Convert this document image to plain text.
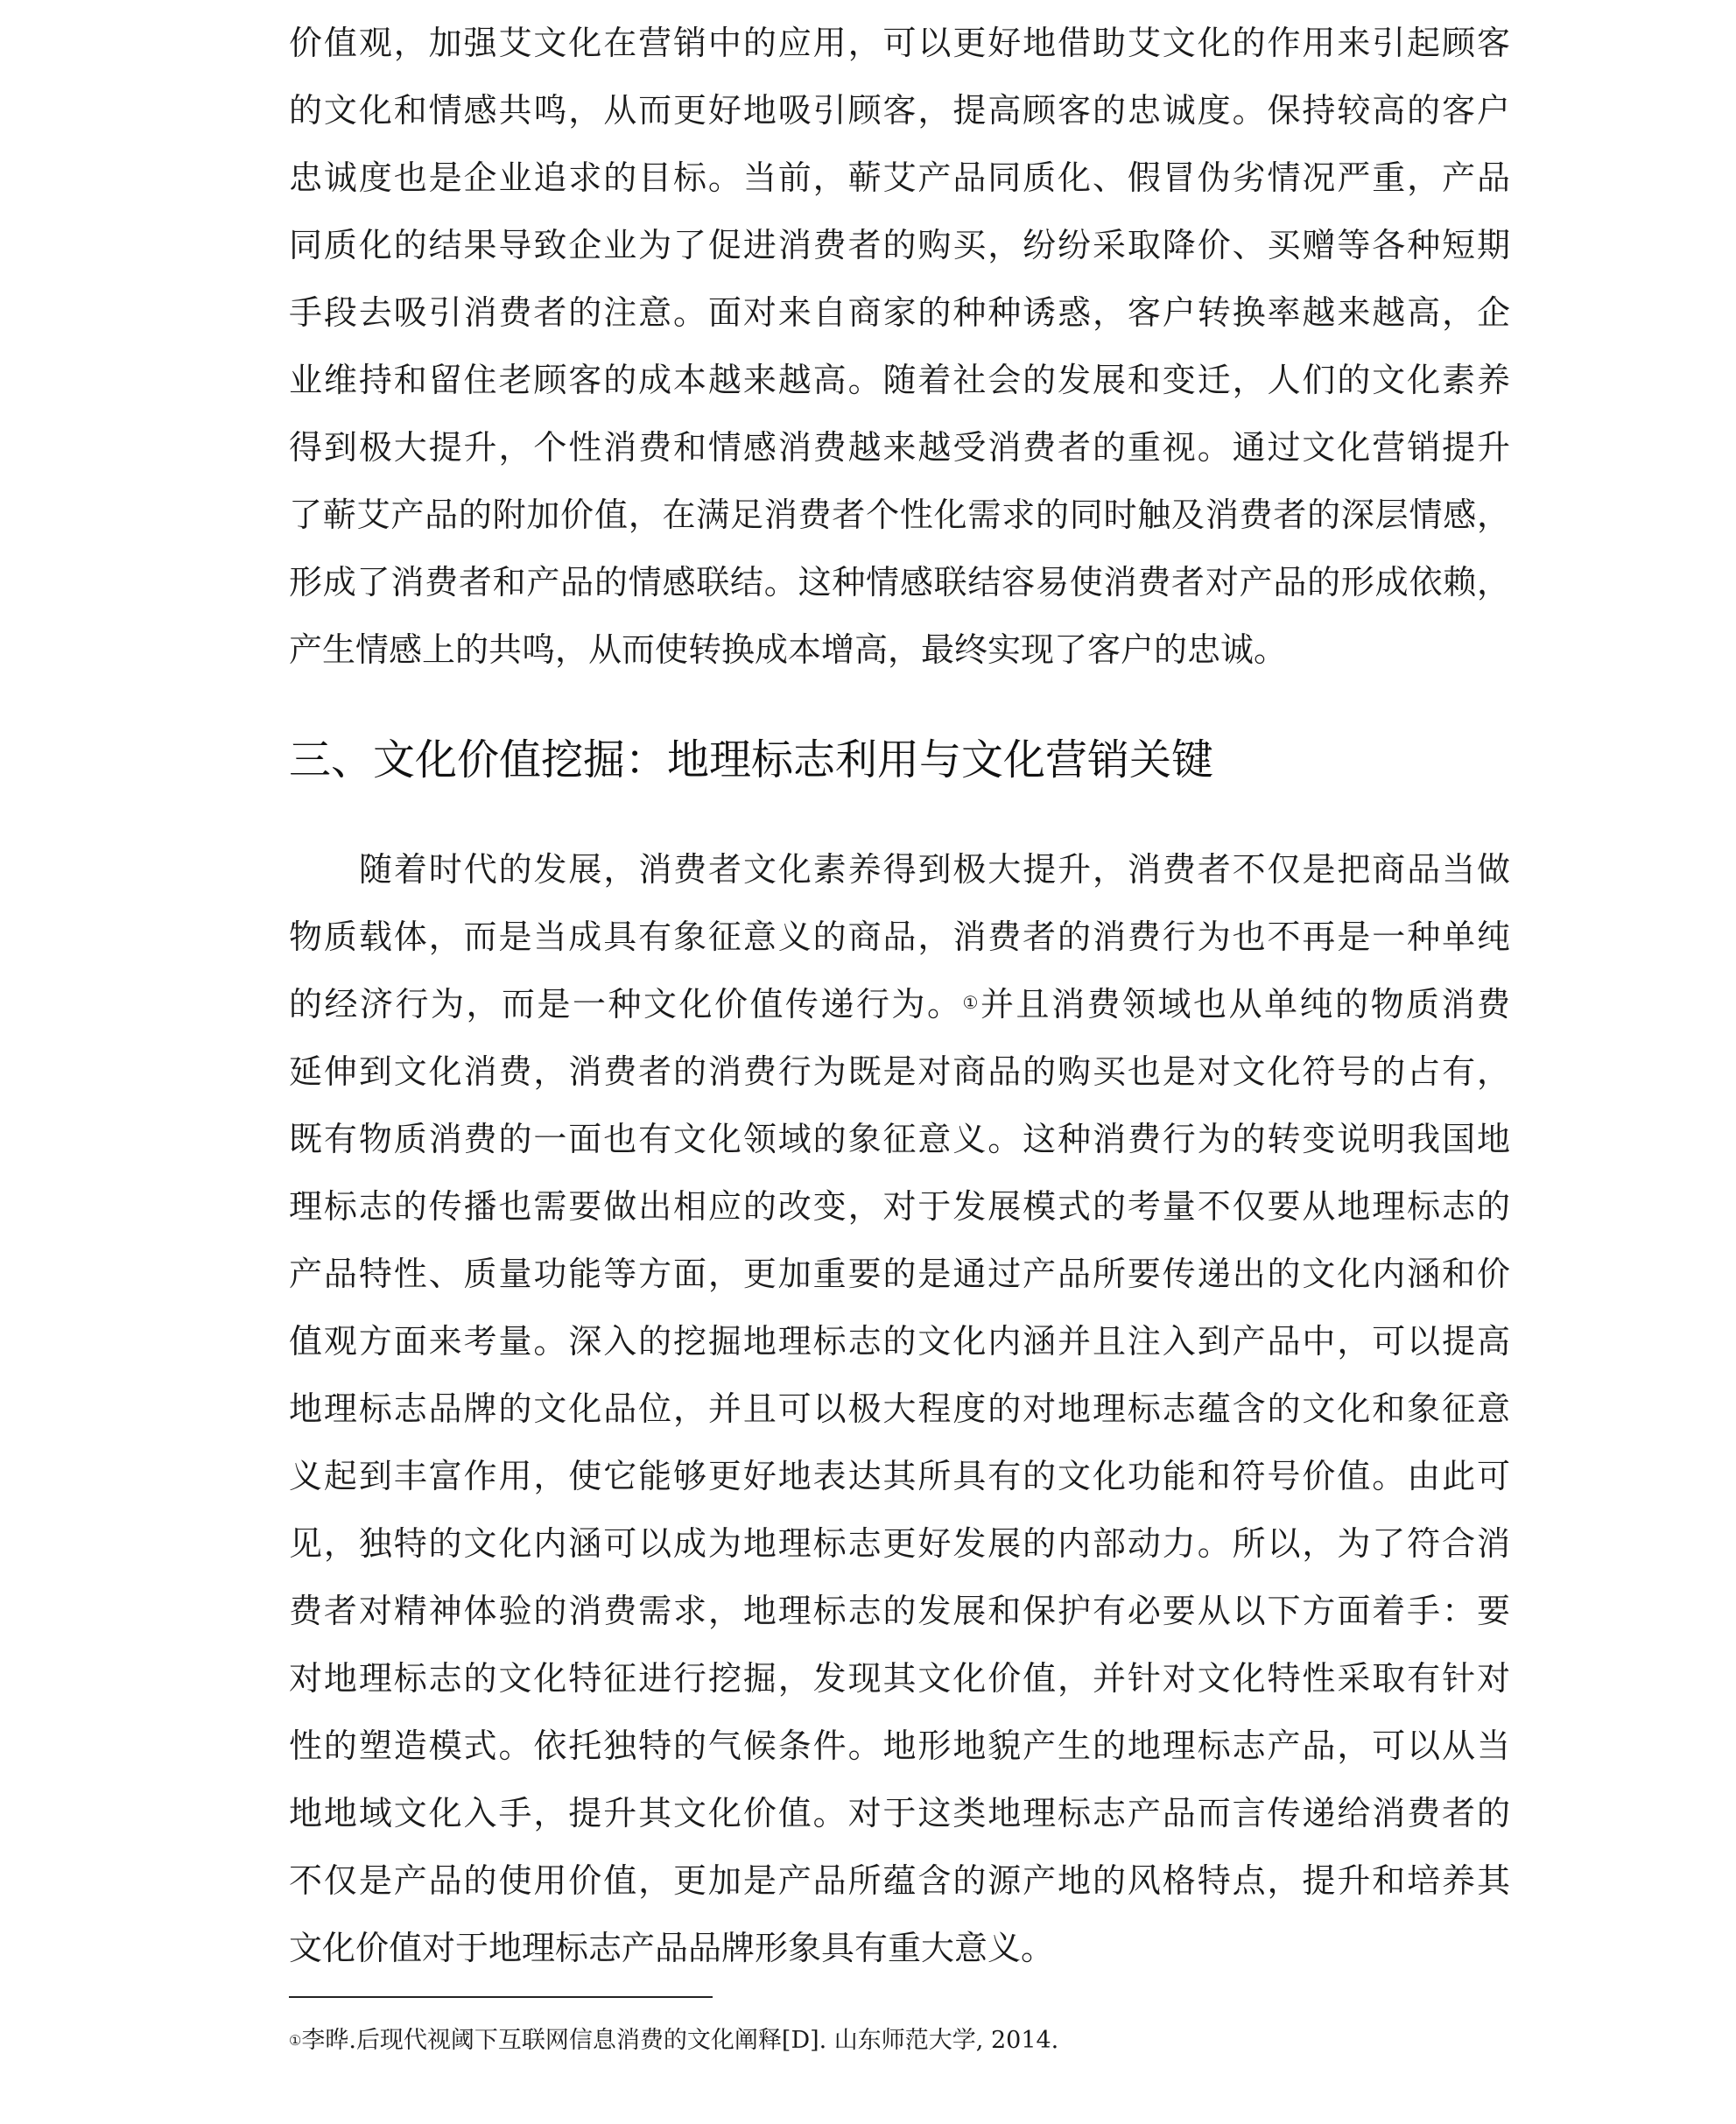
价值观，加强艾文化在营销中的应用，可以更好地借助艾文化的作用来引起顾客
的文化和情感共鸣，从而更好地吸引顾客，提高顾客的忠诚度。保持较高的客户
忠诚度也是企业追求的目标。当前，蕲艾产品同质化、假冒伪劣情况严重，产品
同质化的结果导致企业为了促进消费者的购买，纷纷采取降价、买赠等各种短期
手段去吸引消费者的注意。面对来自商家的种种诱惑，客户转换率越来越高，企
业维持和留住老顾客的成本越来越高。随着社会的发展和变迁，人们的文化素养
得到极大提升，个性消费和情感消费越来越受消费者的重视。通过文化营销提升
了蕲艾产品的附加价值，在满足消费者个性化需求的同时触及消费者的深层情感，
形成了消费者和产品的情感联结。这种情感联结容易使消费者对产品的形成依赖，
产生情感上的共鸣，从而使转换成本增高，最终实现了客户的忠诚。
三、文化价值挖掘：地理标志利用与文化营销关键
随着时代的发展，消费者文化素养得到极大提升，消费者不仅是把商品当做
物质载体，而是当成具有象征意义的商品，消费者的消费行为也不再是一种单纯
的经济行为，而是一种文化价值传递行为。①并且消费领域也从单纯的物质消费
延伸到文化消费，消费者的消费行为既是对商品的购买也是对文化符号的占有，
既有物质消费的一面也有文化领域的象征意义。这种消费行为的转变说明我国地
理标志的传播也需要做出相应的改变，对于发展模式的考量不仅要从地理标志的
产品特性、质量功能等方面，更加重要的是通过产品所要传递出的文化内涵和价
值观方面来考量。深入的挖掘地理标志的文化内涵并且注入到产品中，可以提高
地理标志品牌的文化品位，并且可以极大程度的对地理标志蕴含的文化和象征意
义起到丰富作用，使它能够更好地表达其所具有的文化功能和符号价值。由此可
见，独特的文化内涵可以成为地理标志更好发展的内部动力。所以，为了符合消
费者对精神体验的消费需求，地理标志的发展和保护有必要从以下方面着手：要
对地理标志的文化特征进行挖掘，发现其文化价值，并针对文化特性采取有针对
性的塑造模式。依托独特的气候条件。地形地貌产生的地理标志产品，可以从当
地地域文化入手，提升其文化价值。对于这类地理标志产品而言传递给消费者的
不仅是产品的使用价值，更加是产品所蕴含的源产地的风格特点，提升和培养其
文化价值对于地理标志产品品牌形象具有重大意义。
①李晔.后现代视阈下互联网信息消费的文化阐释[D]. 山东师范大学, 2014.
